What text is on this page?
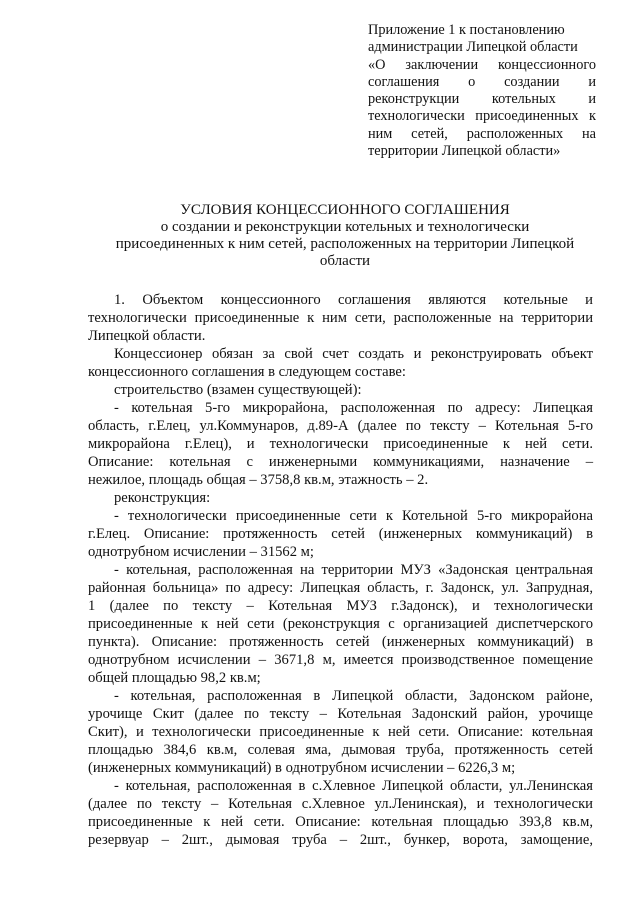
Приложение 1 к постановлению
администрации Липецкой области
«О заключении концессионного
соглашения о создании и
реконструкции котельных и
технологически присоединенных к
ним сетей, расположенных на
территории Липецкой области»
УСЛОВИЯ КОНЦЕССИОННОГО СОГЛАШЕНИЯ
о создании и реконструкции котельных и технологически
присоединенных к ним сетей, расположенных на территории Липецкой
области
1. Объектом концессионного соглашения являются котельные и
технологически присоединенные к ним сети, расположенные на территории
Липецкой области.
Концессионер обязан за свой счет создать и реконструировать объект
концессионного соглашения в следующем составе:
строительство (взамен существующей):
- котельная 5-го микрорайона, расположенная по адресу: Липецкая
область, г.Елец, ул.Коммунаров, д.89-А (далее по тексту – Котельная 5-го
микрорайона г.Елец), и технологически присоединенные к ней сети.
Описание: котельная с инженерными коммуникациями, назначение –
нежилое, площадь общая – 3758,8 кв.м, этажность – 2.
реконструкция:
- технологически присоединенные сети к Котельной 5-го микрорайона
г.Елец. Описание: протяженность сетей (инженерных коммуникаций) в
однотрубном исчислении – 31562 м;
- котельная, расположенная на территории МУЗ «Задонская центральная
районная больница» по адресу: Липецкая область, г. Задонск, ул. Запрудная,
1 (далее по тексту – Котельная МУЗ г.Задонск), и технологически
присоединенные к ней сети (реконструкция с организацией диспетчерского
пункта). Описание: протяженность сетей (инженерных коммуникаций) в
однотрубном исчислении – 3671,8 м, имеется производственное помещение
общей площадью 98,2 кв.м;
- котельная, расположенная в Липецкой области, Задонском районе,
урочище Скит (далее по тексту – Котельная Задонский район, урочище
Скит), и технологически присоединенные к ней сети. Описание: котельная
площадью 384,6 кв.м, солевая яма, дымовая труба, протяженность сетей
(инженерных коммуникаций) в однотрубном исчислении – 6226,3 м;
- котельная, расположенная в с.Хлевное Липецкой области, ул.Ленинская
(далее по тексту – Котельная с.Хлевное ул.Ленинская), и технологически
присоединенные к ней сети. Описание: котельная площадью 393,8 кв.м,
резервуар – 2шт., дымовая труба – 2шт., бункер, ворота, замощение,
